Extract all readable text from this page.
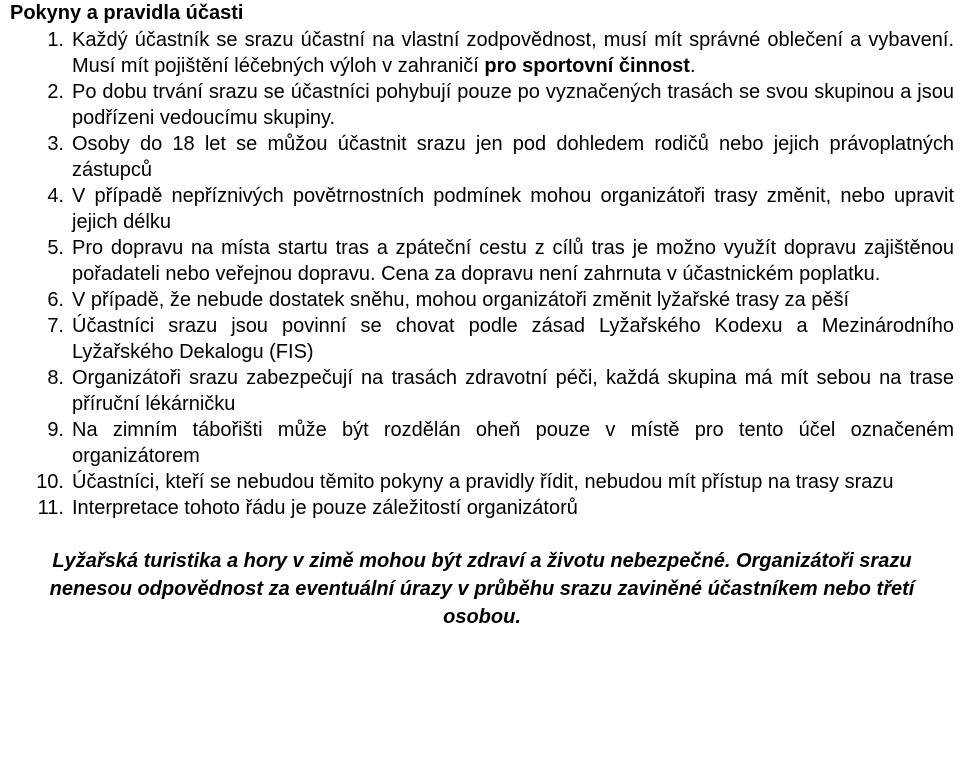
Pokyny a pravidla účasti
1. Každý účastník se srazu účastní na vlastní zodpovědnost, musí mít správné oblečení a vybavení. Musí mít pojištění léčebných výloh v zahraničí pro sportovní činnost.
2. Po dobu trvání srazu se účastníci pohybují pouze po vyznačených trasách se svou skupinou a jsou podřízeni vedoucímu skupiny.
3. Osoby do 18 let se můžou účastnit srazu jen pod dohledem rodičů nebo jejich právoplatných zástupců
4. V případě nepříznivých povětrnostních podmínek mohou organizátoři trasy změnit, nebo upravit jejich délku
5. Pro dopravu na místa startu tras a zpáteční cestu z cílů tras je možno využít dopravu zajištěnou pořadateli nebo veřejnou dopravu. Cena za dopravu není zahrnuta v účastnickém poplatku.
6. V případě, že nebude dostatek sněhu, mohou organizátoři změnit lyžařské trasy za pěší
7. Účastníci srazu jsou povinní se chovat podle zásad Lyžařského Kodexu a Mezinárodního Lyžařského Dekalogu (FIS)
8. Organizátoři srazu zabezpečují na trasách zdravotní péči, každá skupina má mít sebou na trase příruční lékárničku
9. Na zimním tábořišti může být rozdělán oheň pouze v místě pro tento účel označeném organizátorem
10. Účastníci, kteří se nebudou těmito pokyny a pravidly řídit, nebudou mít přístup na trasy srazu
11. Interpretace tohoto řádu je pouze záležitostí organizátorů

Lyžařská turistika a hory v zimě mohou být zdraví a životu nebezpečné. Organizátoři srazu nenesou odpovědnost za eventuální úrazy v průběhu srazu zaviněné účastníkem nebo třetí osobou.
